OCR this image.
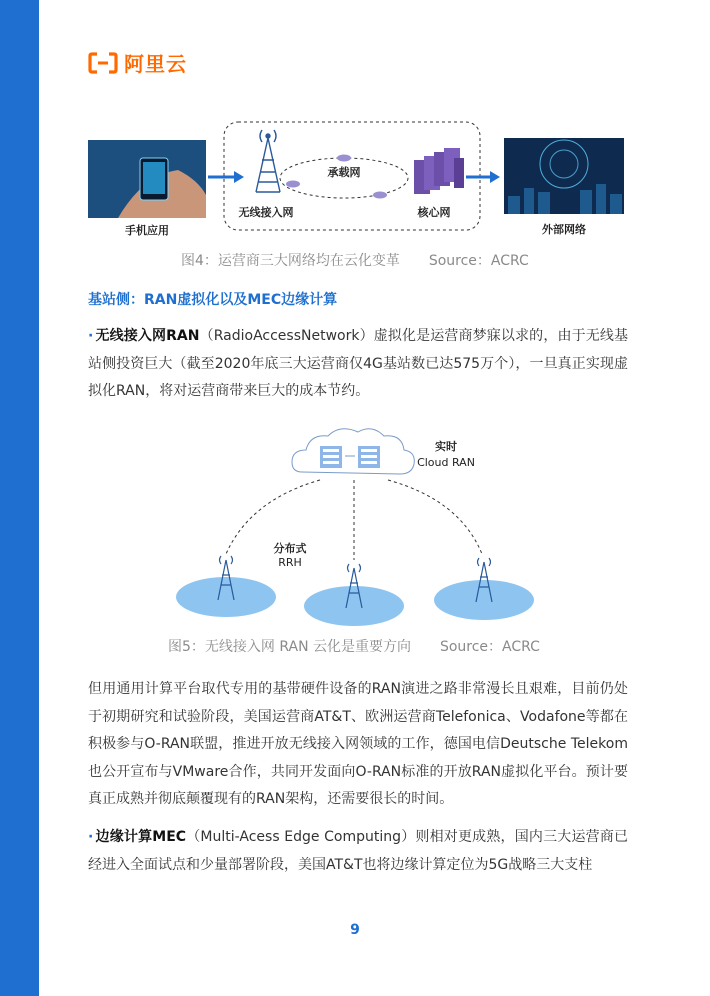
阿里云
手机应用
无线接入网
承载网
核心网
外部网络
图4：运营商三大网络均在云化变革 Source：ACRC
基站侧：RAN虚拟化以及MEC边缘计算
· 无线接入网RAN（RadioAccessNetwork）虚拟化是运营商梦寐以求的，由于无线基站侧投资巨大（截至2020年底三大运营商仅4G基站数已达575万个），一旦真正实现虚拟化RAN，将对运营商带来巨大的成本节约。
实时
Cloud RAN
分布式
RRH
图5：无线接入网 RAN 云化是重要方向 Source：ACRC
但用通用计算平台取代专用的基带硬件设备的RAN演进之路非常漫长且艰难，目前仍处于初期研究和试验阶段，美国运营商AT&T、欧洲运营商Telefonica、Vodafone等都在积极参与O-RAN联盟，推进开放无线接入网领域的工作，德国电信Deutsche Telekom也公开宣布与VMware合作，共同开发面向O-RAN标准的开放RAN虚拟化平台。预计要真正成熟并彻底颠覆现有的RAN架构，还需要很长的时间。
· 边缘计算MEC（Multi-Acess Edge Computing）则相对更成熟，国内三大运营商已经进入全面试点和少量部署阶段，美国AT&T也将边缘计算定位为5G战略三大支柱
9
